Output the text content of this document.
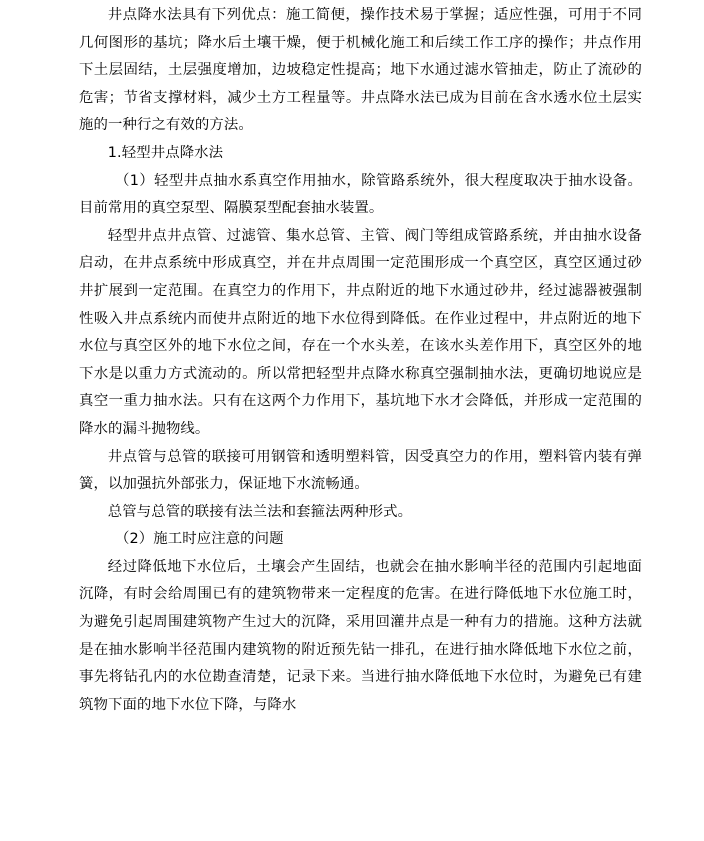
井点降水法具有下列优点：施工简便，操作技术易于掌握；适应性强，可用于不同几何图形的基坑；降水后土壤干燥，便于机械化施工和后续工作工序的操作；井点作用下土层固结，土层强度增加，边坡稳定性提高；地下水通过滤水管抽走，防止了流砂的危害；节省支撑材料，减少土方工程量等。井点降水法已成为目前在含水透水位土层实施的一种行之有效的方法。

1.轻型井点降水法

（1）轻型井点抽水系真空作用抽水，除管路系统外，很大程度取决于抽水设备。目前常用的真空泵型、隔膜泵型配套抽水装置。

轻型井点井点管、过滤管、集水总管、主管、阀门等组成管路系统，并由抽水设备启动，在井点系统中形成真空，并在井点周围一定范围形成一个真空区，真空区通过砂井扩展到一定范围。在真空力的作用下，井点附近的地下水通过砂井，经过滤器被强制性吸入井点系统内而使井点附近的地下水位得到降低。在作业过程中，井点附近的地下水位与真空区外的地下水位之间，存在一个水头差，在该水头差作用下，真空区外的地下水是以重力方式流动的。所以常把轻型井点降水称真空强制抽水法，更确切地说应是真空一重力抽水法。只有在这两个力作用下，基坑地下水才会降低，并形成一定范围的降水的漏斗抛物线。

井点管与总管的联接可用钢管和透明塑料管，因受真空力的作用，塑料管内装有弹簧，以加强抗外部张力，保证地下水流畅通。

总管与总管的联接有法兰法和套箍法两种形式。

（2）施工时应注意的问题

经过降低地下水位后，土壤会产生固结，也就会在抽水影响半径的范围内引起地面沉降，有时会给周围已有的建筑物带来一定程度的危害。在进行降低地下水位施工时，为避免引起周围建筑物产生过大的沉降，采用回灌井点是一种有力的措施。这种方法就是在抽水影响半径范围内建筑物的附近预先钻一排孔，在进行抽水降低地下水位之前，事先将钻孔内的水位勘查清楚，记录下来。当进行抽水降低地下水位时，为避免已有建筑物下面的地下水位下降，与降水
